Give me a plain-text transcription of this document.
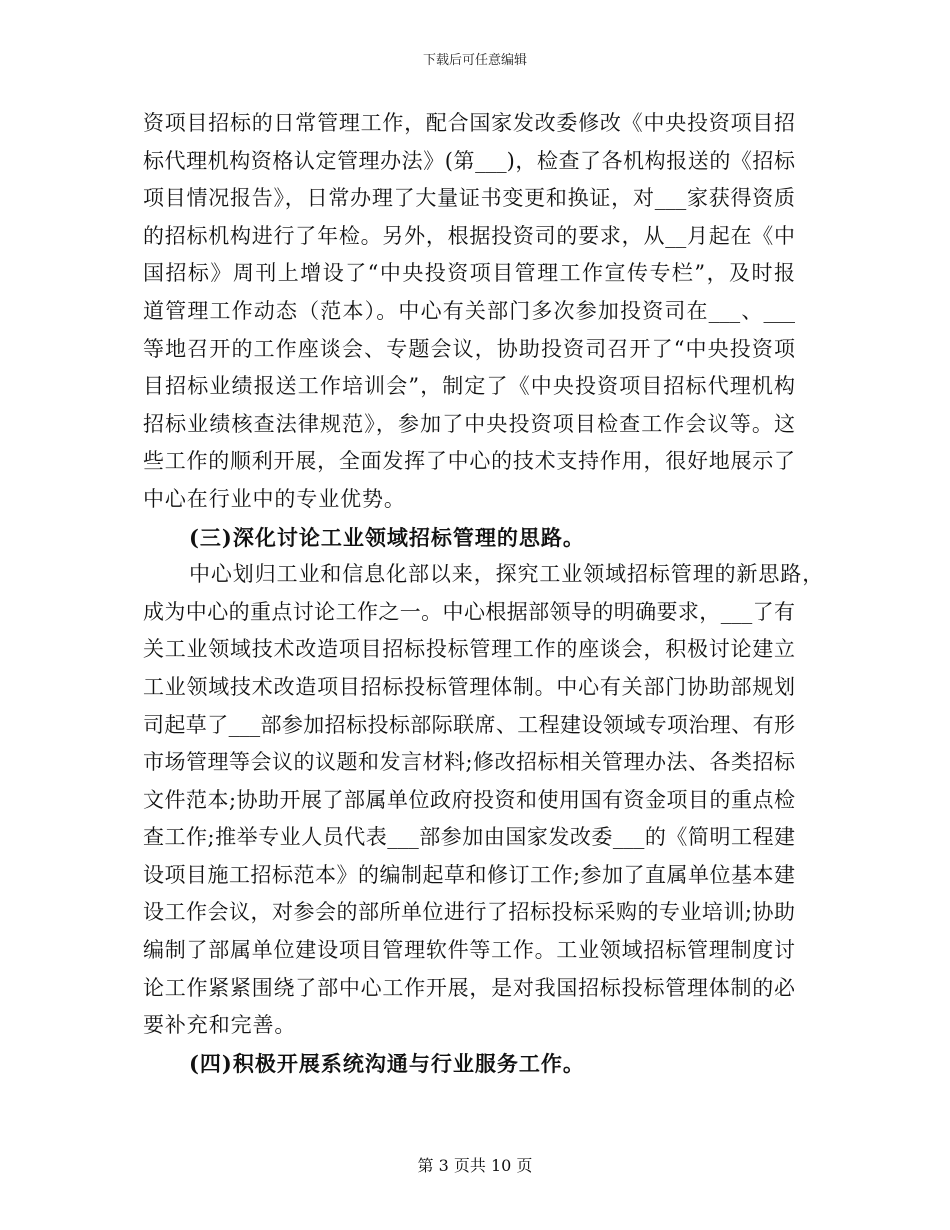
下载后可任意编辑
资项目招标的日常管理工作，配合国家发改委修改《中央投资项目招
标代理机构资格认定管理办法》(第___)，检查了各机构报送的《招标
项目情况报告》，日常办理了大量证书变更和换证，对___家获得资质
的招标机构进行了年检。另外，根据投资司的要求，从__月起在《中
国招标》周刊上增设了“中央投资项目管理工作宣传专栏”，及时报
道管理工作动态（范本）。中心有关部门多次参加投资司在___、___
等地召开的工作座谈会、专题会议，协助投资司召开了“中央投资项
目招标业绩报送工作培训会”，制定了《中央投资项目招标代理机构
招标业绩核查法律规范》，参加了中央投资项目检查工作会议等。这
些工作的顺利开展，全面发挥了中心的技术支持作用，很好地展示了
中心在行业中的专业优势。
(三)深化讨论工业领域招标管理的思路。
中心划归工业和信息化部以来，探究工业领域招标管理的新思路，
成为中心的重点讨论工作之一。中心根据部领导的明确要求，___了有
关工业领域技术改造项目招标投标管理工作的座谈会，积极讨论建立
工业领域技术改造项目招标投标管理体制。中心有关部门协助部规划
司起草了___部参加招标投标部际联席、工程建设领域专项治理、有形
市场管理等会议的议题和发言材料;修改招标相关管理办法、各类招标
文件范本;协助开展了部属单位政府投资和使用国有资金项目的重点检
查工作;推举专业人员代表___部参加由国家发改委___的《简明工程建
设项目施工招标范本》的编制起草和修订工作;参加了直属单位基本建
设工作会议，对参会的部所单位进行了招标投标采购的专业培训;协助
编制了部属单位建设项目管理软件等工作。工业领域招标管理制度讨
论工作紧紧围绕了部中心工作开展，是对我国招标投标管理体制的必
要补充和完善。
(四)积极开展系统沟通与行业服务工作。
第 3 页共 10 页
